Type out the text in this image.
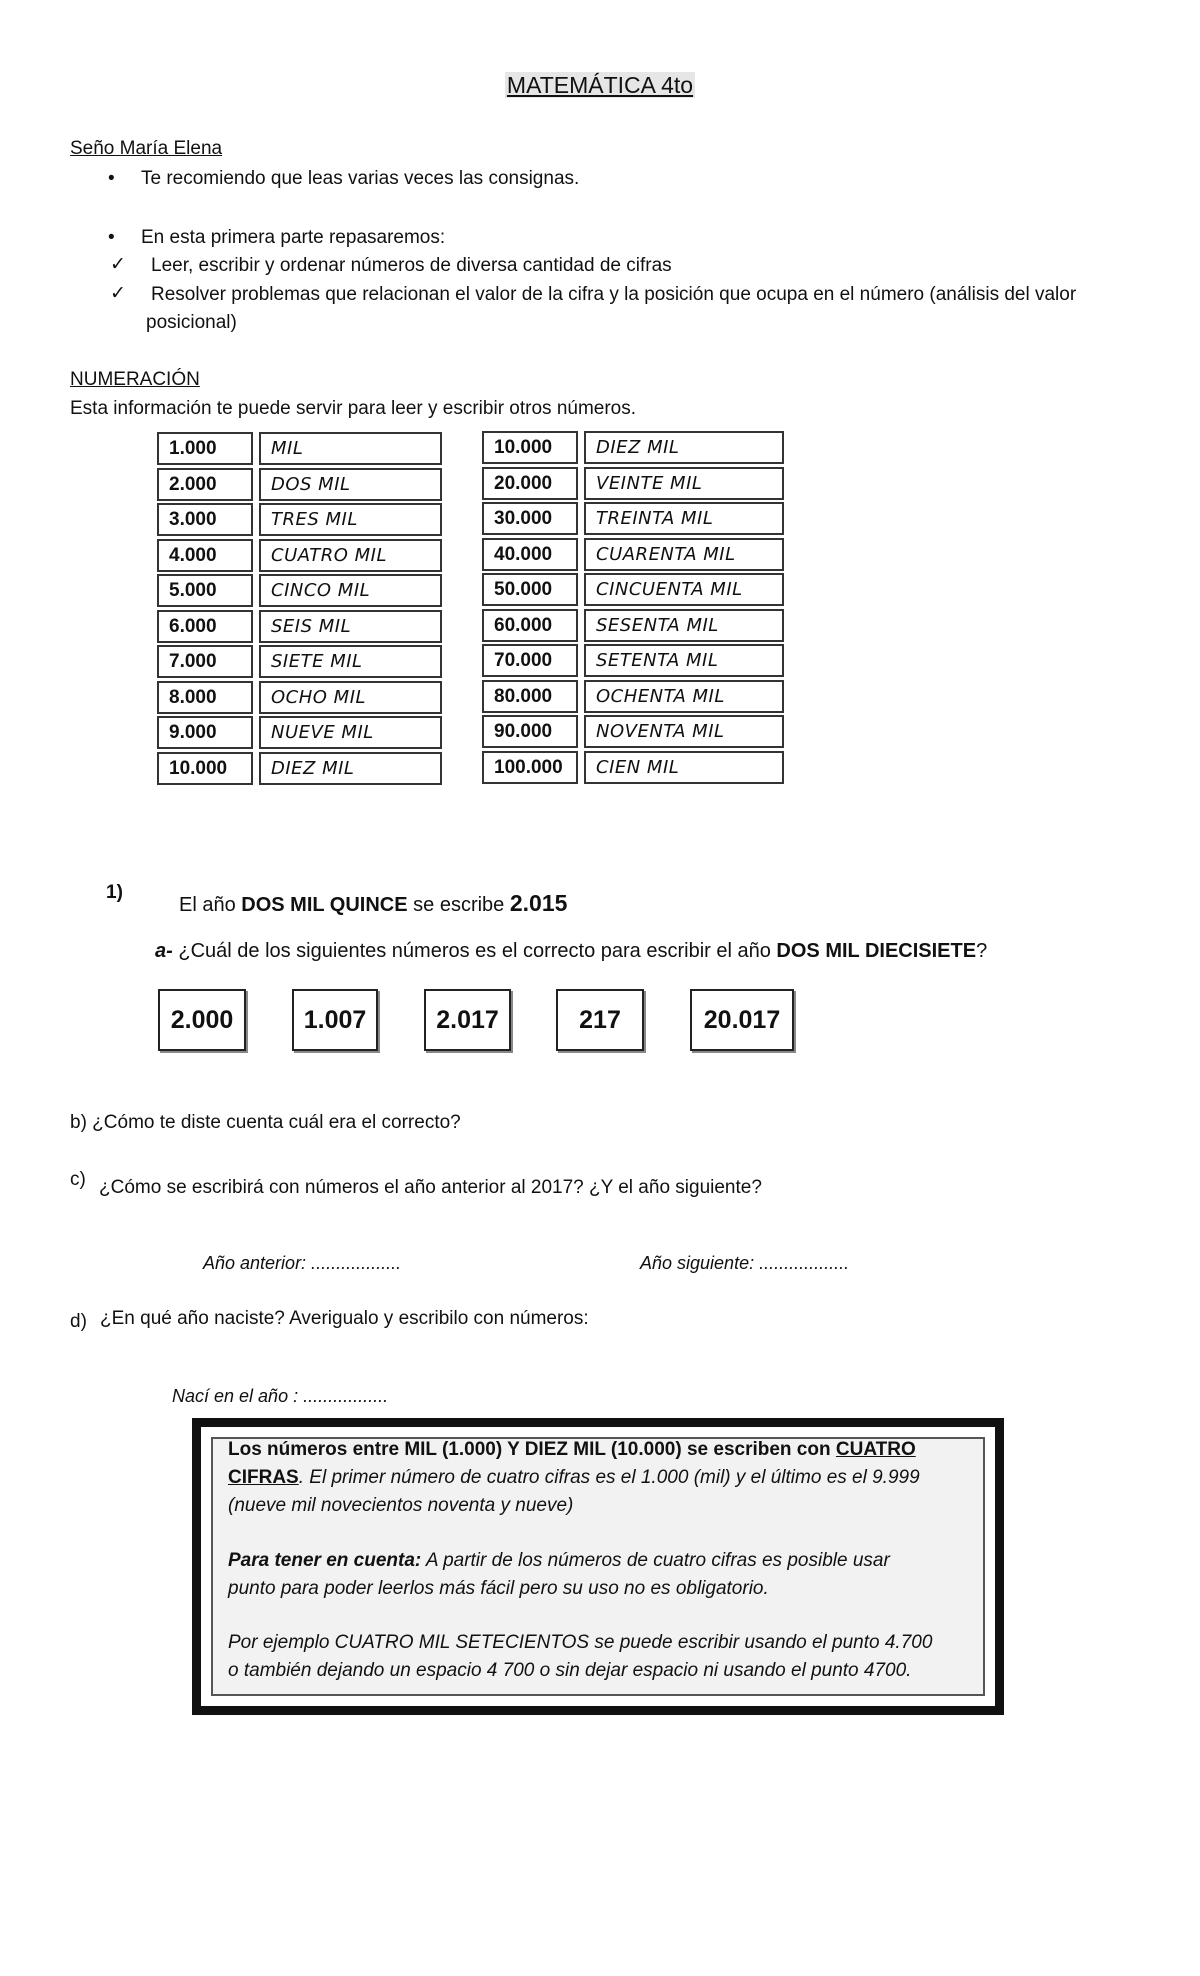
MATEMÁTICA 4to
Seño María Elena
• Te recomiendo que leas varias veces las consignas.
• En esta primera parte repasaremos:
✓ Leer, escribir y ordenar números de diversa cantidad de cifras
✓ Resolver problemas que relacionan el valor de la cifra y la posición que ocupa en el número (análisis del valor
posicional)
NUMERACIÓN
Esta información te puede servir para leer y escribir otros números.
1.000	MIL
2.000	DOS MIL
3.000	TRES MIL
4.000	CUATRO MIL
5.000	CINCO MIL
6.000	SEIS MIL
7.000	SIETE MIL
8.000	OCHO MIL
9.000	NUEVE MIL
10.000	DIEZ MIL
10.000	DIEZ MIL
20.000	VEINTE MIL
30.000	TREINTA MIL
40.000	CUARENTA MIL
50.000	CINCUENTA MIL
60.000	SESENTA MIL
70.000	SETENTA MIL
80.000	OCHENTA MIL
90.000	NOVENTA MIL
100.000	CIEN MIL
1)
El año DOS MIL QUINCE se escribe 2.015
a- ¿Cuál de los siguientes números es el correcto para escribir el año DOS MIL DIECISIETE?
2.000	1.007	2.017	217	20.017
b) ¿Cómo te diste cuenta cuál era el correcto?
c) ¿Cómo se escribirá con números el año anterior al 2017? ¿Y el año siguiente?
Año anterior: ..................	Año siguiente: ..................
d) ¿En qué año naciste? Averigualo y escribilo con números:
Nací en el año : .................
Los números entre MIL (1.000) Y DIEZ MIL (10.000) se escriben con CUATRO
CIFRAS. El primer número de cuatro cifras es el 1.000 (mil) y el último es el 9.999
(nueve mil novecientos noventa y nueve)
Para tener en cuenta: A partir de los números de cuatro cifras es posible usar
punto para poder leerlos más fácil pero su uso no es obligatorio.
Por ejemplo CUATRO MIL SETECIENTOS se puede escribir usando el punto 4.700
o también dejando un espacio 4 700 o sin dejar espacio ni usando el punto 4700.
